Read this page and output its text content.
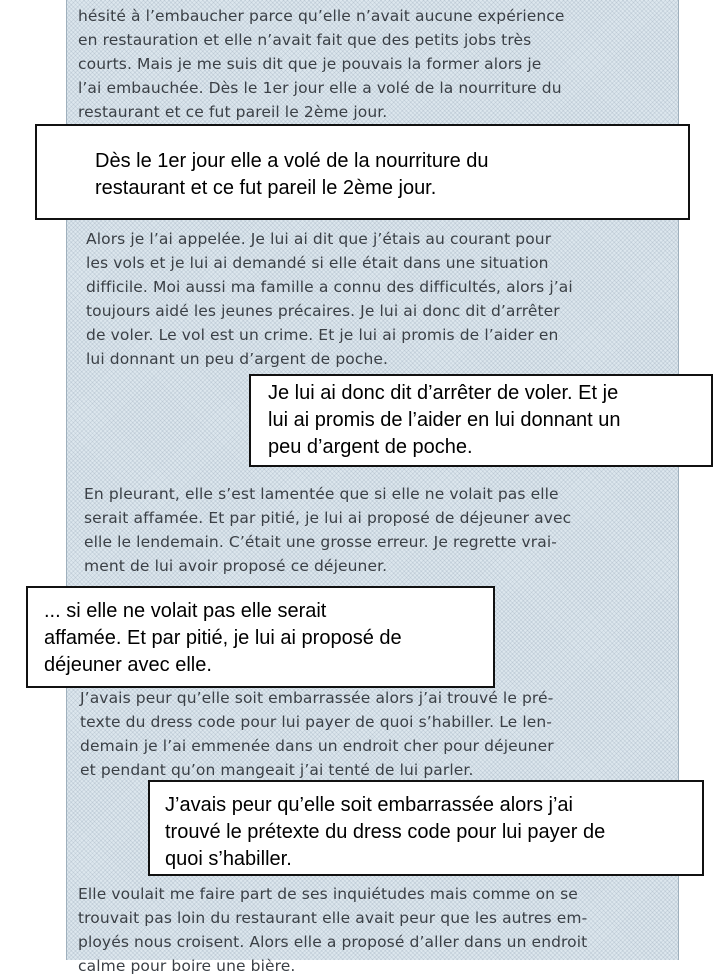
hésité à l’embaucher parce qu’elle n’avait aucune expérience
en restauration et elle n’avait fait que des petits jobs très
courts. Mais je me suis dit que je pouvais la former alors je
l’ai embauchée. Dès le 1er jour elle a volé de la nourriture du
restaurant et ce fut pareil le 2ème jour.

Alors je l’ai appelée. Je lui ai dit que j’étais au courant pour
les vols et je lui ai demandé si elle était dans une situation
difficile. Moi aussi ma famille a connu des difficultés, alors j’ai
toujours aidé les jeunes précaires. Je lui ai donc dit d’arrêter
de voler. Le vol est un crime. Et je lui ai promis de l’aider en
lui donnant un peu d’argent de poche.

En pleurant, elle s’est lamentée que si elle ne volait pas elle
serait affamée. Et par pitié, je lui ai proposé de déjeuner avec
elle le lendemain. C’était une grosse erreur. Je regrette vrai-
ment de lui avoir proposé ce déjeuner.

J’avais peur qu’elle soit embarrassée alors j’ai trouvé le pré-
texte du dress code pour lui payer de quoi s’habiller. Le len-
demain je l’ai emmenée dans un endroit cher pour déjeuner
et pendant qu’on mangeait j’ai tenté de lui parler.

Elle voulait me faire part de ses inquiétudes mais comme on se
trouvait pas loin du restaurant elle avait peur que les autres em-
ployés nous croisent. Alors elle a proposé d’aller dans un endroit
calme pour boire une bière.

Dès le 1er jour elle a volé de la nourriture du
restaurant et ce fut pareil le 2ème jour.
Je lui ai donc dit d’arrêter de voler. Et je
lui ai promis de l’aider en lui donnant un
peu d’argent de poche.
... si elle ne volait pas elle serait
affamée. Et par pitié, je lui ai proposé de
déjeuner avec elle.
J’avais peur qu’elle soit embarrassée alors j’ai
trouvé le prétexte du dress code pour lui payer de
quoi s’habiller.
